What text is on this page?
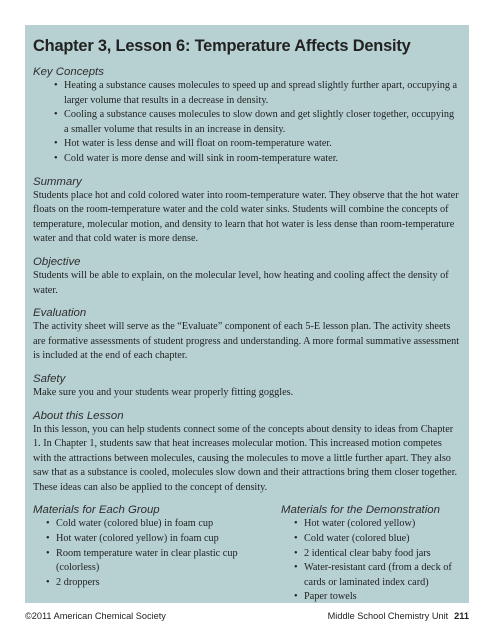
Chapter 3, Lesson 6: Temperature Affects Density
Key Concepts
• Heating a substance causes molecules to speed up and spread slightly further apart, occupying a larger volume that results in a decrease in density.
• Cooling a substance causes molecules to slow down and get slightly closer together, occupying a smaller volume that results in an increase in density.
• Hot water is less dense and will float on room-temperature water.
• Cold water is more dense and will sink in room-temperature water.
Summary

Students place hot and cold colored water into room-temperature water. They observe that the hot water floats on the room-temperature water and the cold water sinks. Students will combine the concepts of temperature, molecular motion, and density to learn that hot water is less dense than room-temperature water and that cold water is more dense.

Objective

Students will be able to explain, on the molecular level, how heating and cooling affect the density of water.

Evaluation

The activity sheet will serve as the “Evaluate” component of each 5-E lesson plan. The activity sheets are formative assessments of student progress and understanding. A more formal summative assessment is included at the end of each chapter.

Safety

Make sure you and your students wear properly fitting goggles.

About this Lesson

In this lesson, you can help students connect some of the concepts about density to ideas from Chapter 1. In Chapter 1, students saw that heat increases molecular motion. This increased motion competes with the attractions between molecules, causing the molecules to move a little further apart. They also saw that as a substance is cooled, molecules slow down and their attractions bring them closer together. These ideas can also be applied to the concept of density.

Materials for Each Group
• Cold water (colored blue) in foam cup
• Hot water (colored yellow) in foam cup
• Room temperature water in clear plastic cup (colorless)
• 2 droppers
Materials for the Demonstration
• Hot water (colored yellow)
• Cold water (colored blue)
• 2 identical clear baby food jars
• Water-resistant card (from a deck of cards or laminated index card)
• Paper towels
©2011 American Chemical Society	Middle School Chemistry Unit 211
